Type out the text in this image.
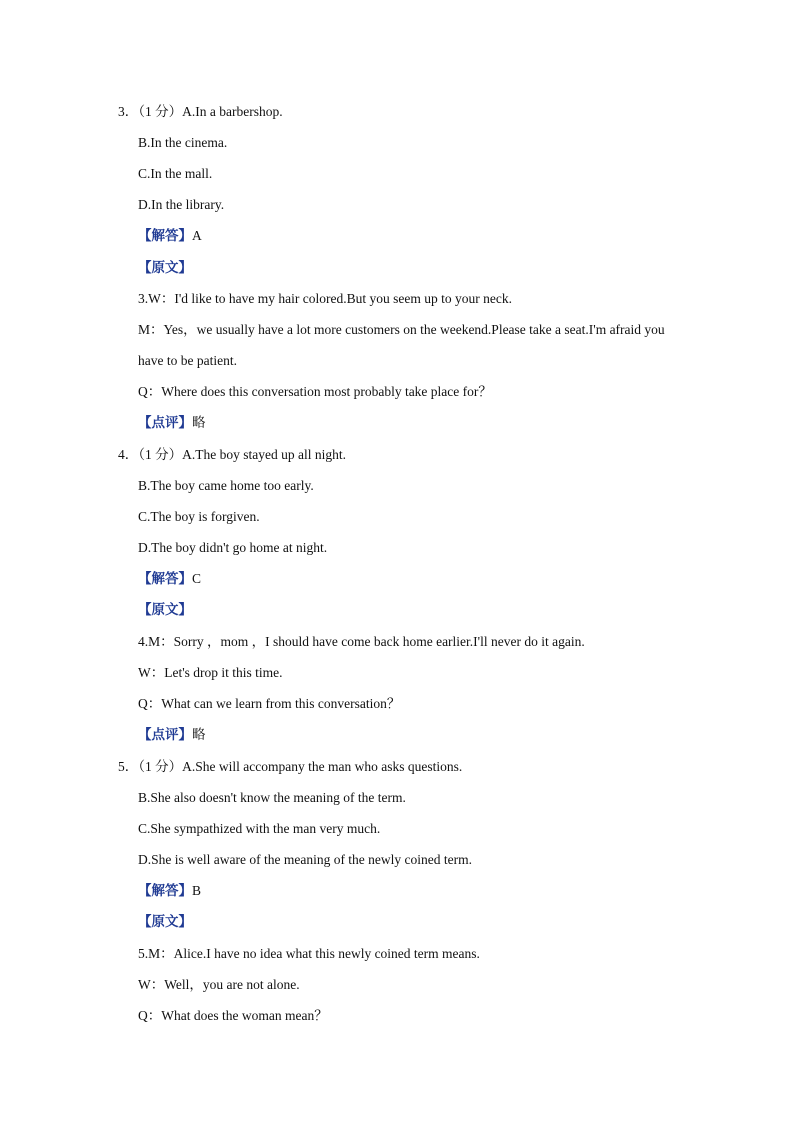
3．（1 分）A.In a barbershop.
B.In the cinema.
C.In the mall.
D.In the library.
【解答】A
【原文】
3.W：I'd like to have my hair colored.But you seem up to your neck.
M：Yes，we usually have a lot more customers on the weekend.Please take a seat.I'm afraid you
have to be patient.
Q：Where does this conversation most probably take place for？
【点评】略
4．（1 分）A.The boy stayed up all night.
B.The boy came home too early.
C.The boy is forgiven.
D.The boy didn't go home at night.
【解答】C
【原文】
4.M：Sorry ，mom ，I should have come back home earlier.I'll never do it again.
W：Let's drop it this time.
Q：What can we learn from this conversation？
【点评】略
5．（1 分）A.She will accompany the man who asks questions.
B.She also doesn't know the meaning of the term.
C.She sympathized with the man very much.
D.She is well aware of the meaning of the newly coined term.
【解答】B
【原文】
5.M：Alice.I have no idea what this newly coined term means.
W：Well，you are not alone.
Q：What does the woman mean？
